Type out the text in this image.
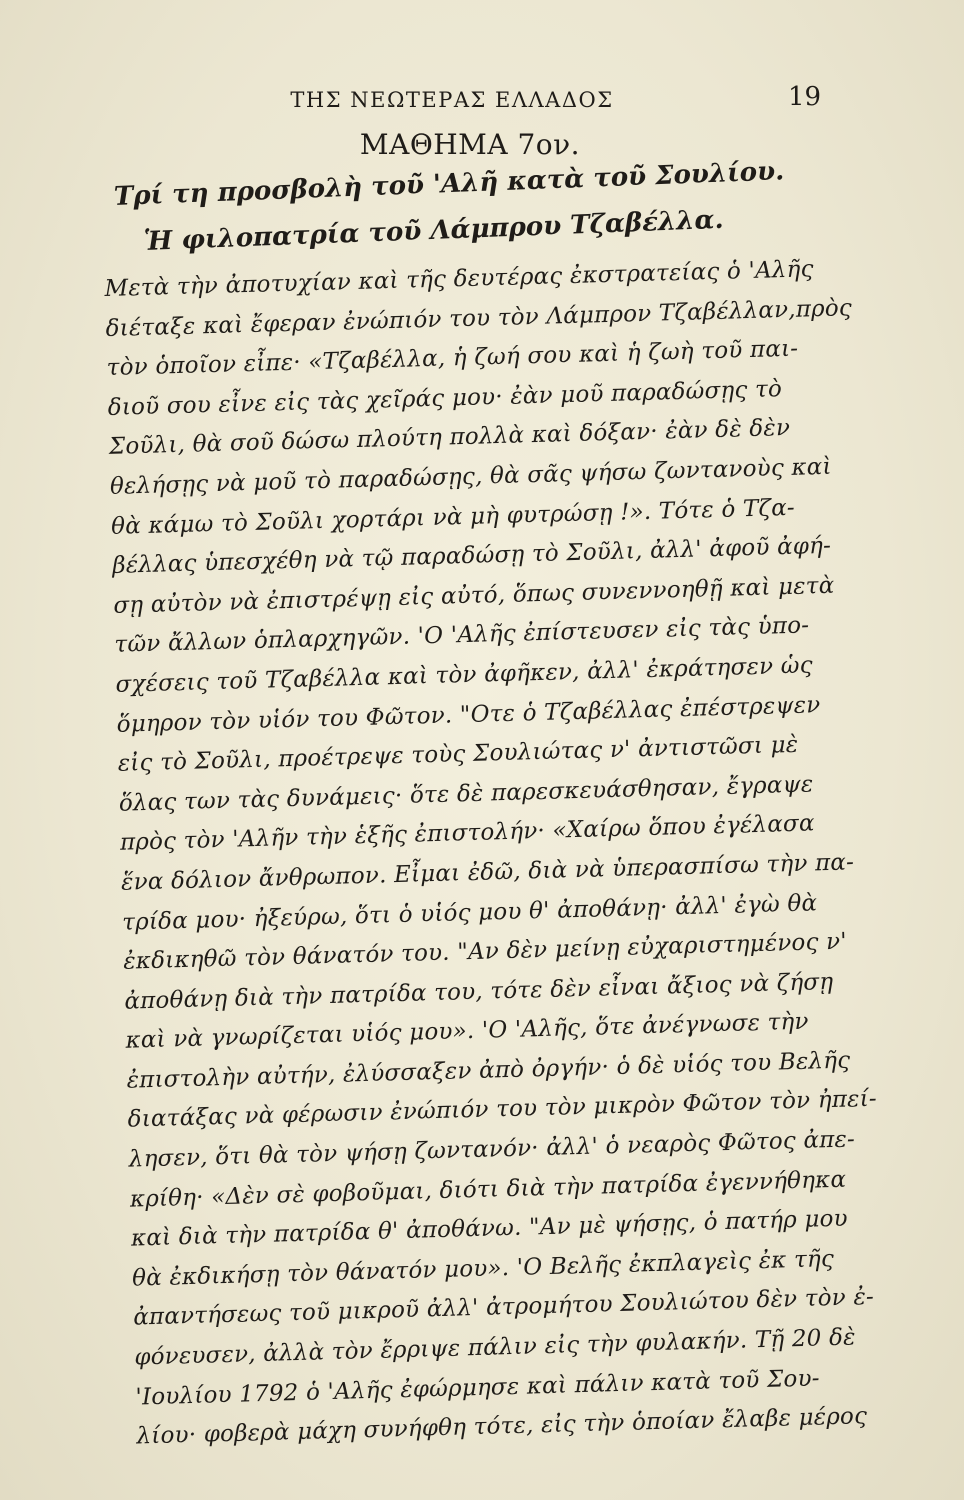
ΤΗΣ ΝΕΩΤΕΡΑΣ ΕΛΛΑΔΟΣ	19
ΜΑΘΗΜΑ 7ον.
Τρί τη προσβολὴ τοῦ 'Αλῆ κατὰ τοῦ Σουλίου.
Ἡ φιλοπατρία τοῦ Λάμπρου Τζαβέλλα.
Μετὰ τὴν ἀποτυχίαν καὶ τῆς δευτέρας ἐκστρατείας ὁ 'Αλῆς
διέταξε καὶ ἔφεραν ἐνώπιόν του τὸν Λάμπρον Τζαβέλλαν,πρὸς
τὸν ὁποῖον εἶπε· «Τζαβέλλα, ἡ ζωή σου καὶ ἡ ζωὴ τοῦ παι-
διοῦ σου εἶνε εἰς τὰς χεῖράς μου· ἐὰν μοῦ παραδώσῃς τὸ
Σοῦλι, θὰ σοῦ δώσω πλούτη πολλὰ καὶ δόξαν· ἐὰν δὲ δὲν
θελήσῃς νὰ μοῦ τὸ παραδώσῃς, θὰ σᾶς ψήσω ζωντανοὺς καὶ
θὰ κάμω τὸ Σοῦλι χορτάρι νὰ μὴ φυτρώσῃ !». Τότε ὁ Τζα-
βέλλας ὑπεσχέθη νὰ τῷ παραδώσῃ τὸ Σοῦλι, ἀλλ' ἀφοῦ ἀφή-
σῃ αὐτὸν νὰ ἐπιστρέψῃ εἰς αὐτό, ὅπως συνεννοηθῇ καὶ μετὰ
τῶν ἄλλων ὁπλαρχηγῶν. 'Ο 'Αλῆς ἐπίστευσεν εἰς τὰς ὑπο-
σχέσεις τοῦ Τζαβέλλα καὶ τὸν ἀφῆκεν, ἀλλ' ἐκράτησεν ὡς
ὅμηρον τὸν υἱόν του Φῶτον. "Οτε ὁ Τζαβέλλας ἐπέστρεψεν
εἰς τὸ Σοῦλι, προέτρεψε τοὺς Σουλιώτας ν' ἀντιστῶσι μὲ
ὅλας των τὰς δυνάμεις· ὅτε δὲ παρεσκευάσθησαν, ἔγραψε
πρὸς τὸν 'Αλῆν τὴν ἑξῆς ἐπιστολήν· «Χαίρω ὅπου ἐγέλασα
ἕνα δόλιον ἄνθρωπον. Εἶμαι ἐδῶ, διὰ νὰ ὑπερασπίσω τὴν πα-
τρίδα μου· ἠξεύρω, ὅτι ὁ υἱός μου θ' ἀποθάνῃ· ἀλλ' ἐγὼ θὰ
ἐκδικηθῶ τὸν θάνατόν του. "Αν δὲν μείνῃ εὐχαριστημένος ν'
ἀποθάνῃ διὰ τὴν πατρίδα του, τότε δὲν εἶναι ἄξιος νὰ ζήσῃ
καὶ νὰ γνωρίζεται υἱός μου». 'Ο 'Αλῆς, ὅτε ἀνέγνωσε τὴν
ἐπιστολὴν αὐτήν, ἐλύσσαξεν ἀπὸ ὀργήν· ὁ δὲ υἱός του Βελῆς
διατάξας νὰ φέρωσιν ἐνώπιόν του τὸν μικρὸν Φῶτον τὸν ἠπεί-
λησεν, ὅτι θὰ τὸν ψήσῃ ζωντανόν· ἀλλ' ὁ νεαρὸς Φῶτος ἀπε-
κρίθη· «Δὲν σὲ φοβοῦμαι, διότι διὰ τὴν πατρίδα ἐγεννήθηκα
καὶ διὰ τὴν πατρίδα θ' ἀποθάνω. "Αν μὲ ψήσῃς, ὁ πατήρ μου
θὰ ἐκδικήσῃ τὸν θάνατόν μου». 'Ο Βελῆς ἐκπλαγεὶς ἐκ τῆς
ἀπαντήσεως τοῦ μικροῦ ἀλλ' ἀτρομήτου Σουλιώτου δὲν τὸν ἐ-
φόνευσεν, ἀλλὰ τὸν ἔρριψε πάλιν εἰς τὴν φυλακήν. Τῇ 20 δὲ
'Ιουλίου 1792 ὁ 'Αλῆς ἐφώρμησε καὶ πάλιν κατὰ τοῦ Σου-
λίου· φοβερὰ μάχη συνήφθη τότε, εἰς τὴν ὁποίαν ἔλαβε μέρος
